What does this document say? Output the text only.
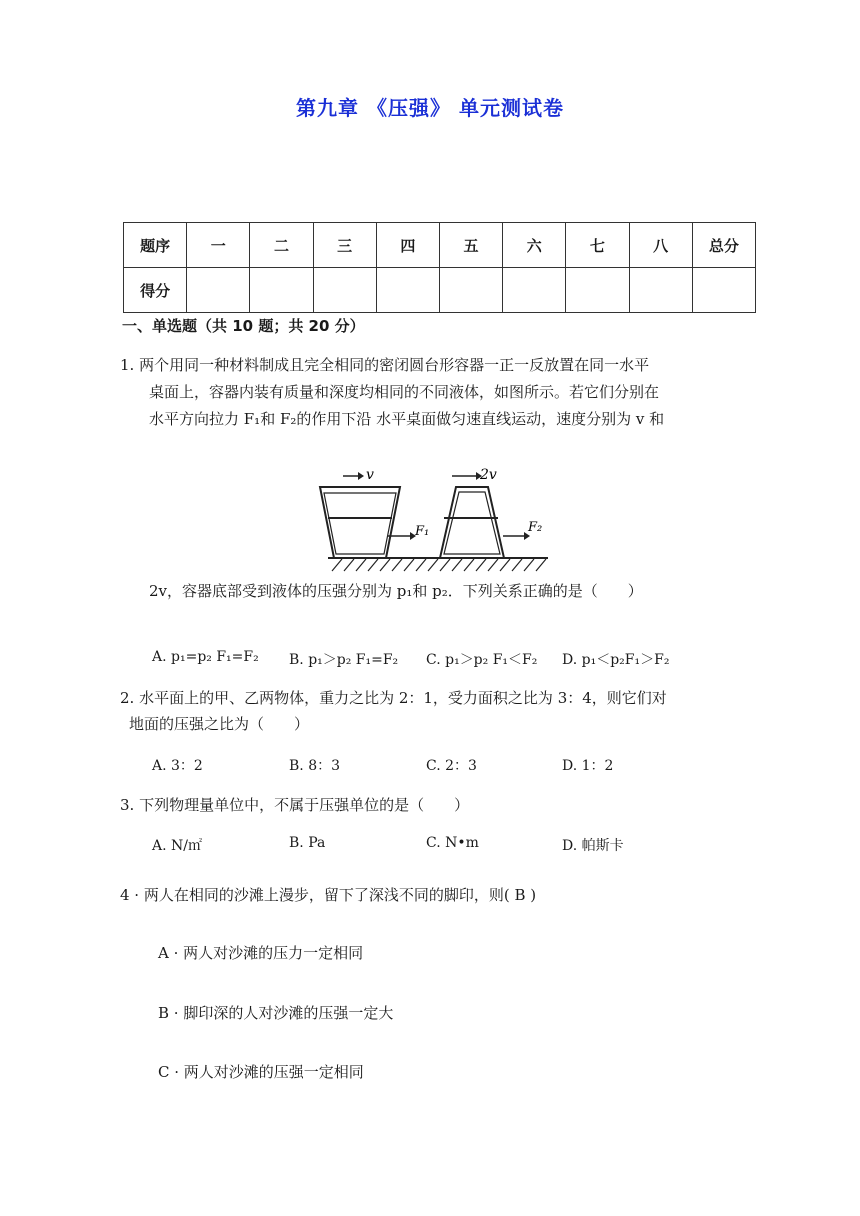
第九章 《压强》 单元测试卷
题序	一	二	三	四	五	六	七	八	总分
得分									
一、单选题（共 10 题；共 20 分）
1. 两个用同一种材料制成且完全相同的密闭圆台形容器一正一反放置在同一水平
桌面上，容器内装有质量和深度均相同的不同液体，如图所示。若它们分别在
水平方向拉力 F₁和 F₂的作用下沿 水平桌面做匀速直线运动，速度分别为 v 和
v
F₁
2v
F₂
2v，容器底部受到液体的压强分别为 p₁和 p₂．下列关系正确的是（　　）
A. p₁=p₂ F₁=F₂ B. p₁＞p₂ F₁=F₂ C. p₁＞p₂ F₁＜F₂ D. p₁＜p₂F₁＞F₂
2. 水平面上的甲、乙两物体，重力之比为 2：1，受力面积之比为 3：4，则它们对
地面的压强之比为（　　）
A. 3：2	B. 8：3	C. 2：3	D. 1：2
3. 下列物理量单位中，不属于压强单位的是（　　）
A. N/㎡	B. Pa	C. N•m	D. 帕斯卡
4 · 两人在相同的沙滩上漫步，留下了深浅不同的脚印，则( B )
A · 两人对沙滩的压力一定相同
B · 脚印深的人对沙滩的压强一定大
C · 两人对沙滩的压强一定相同
